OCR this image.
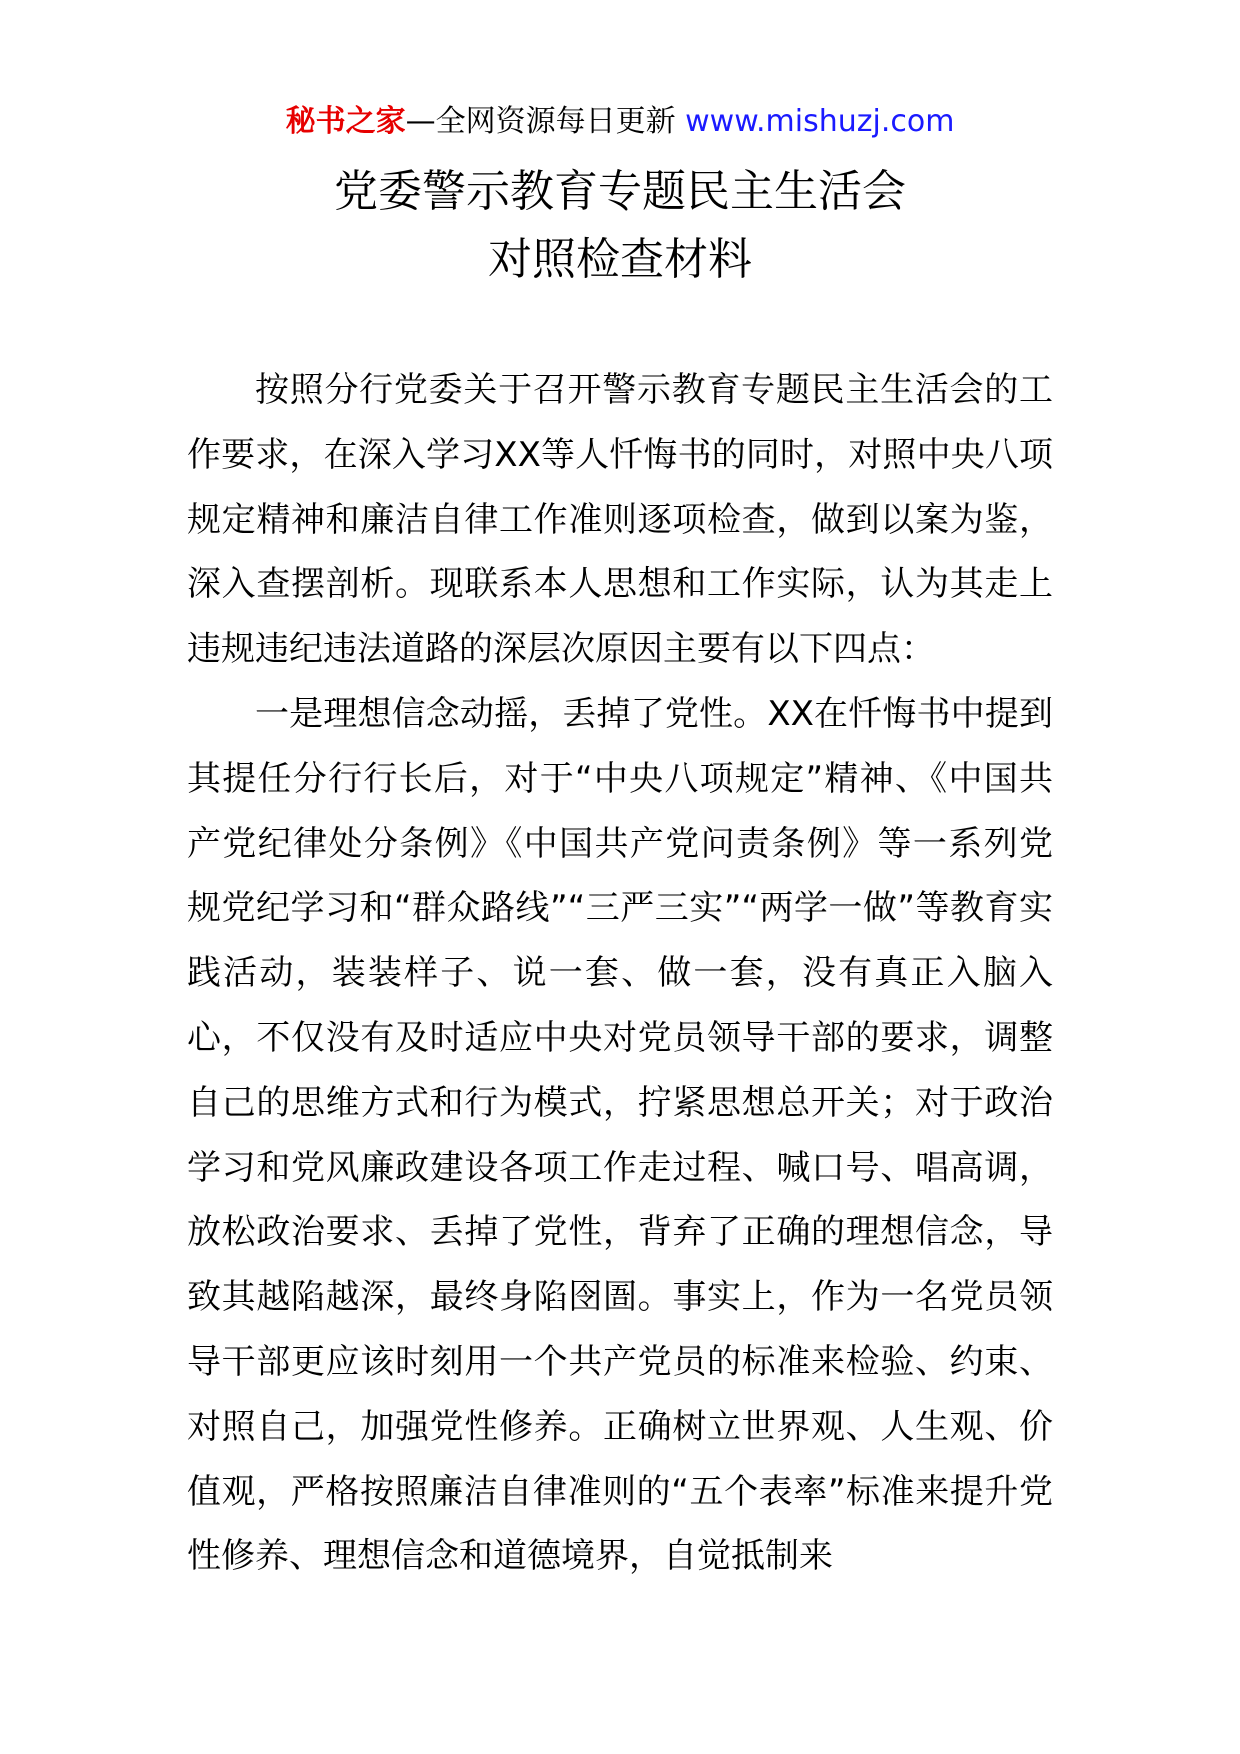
秘书之家—全网资源每日更新 www.mishuzj.com
党委警示教育专题民主生活会
对照检查材料

按照分行党委关于召开警示教育专题民主生活会的工作要求，在深入学习XX等人忏悔书的同时，对照中央八项规定精神和廉洁自律工作准则逐项检查，做到以案为鉴，深入查摆剖析。现联系本人思想和工作实际，认为其走上违规违纪违法道路的深层次原因主要有以下四点：

一是理想信念动摇，丢掉了党性。XX在忏悔书中提到其提任分行行长后，对于“中央八项规定”精神、《中国共产党纪律处分条例》《中国共产党问责条例》等一系列党规党纪学习和“群众路线”“三严三实”“两学一做”等教育实践活动，装装样子、说一套、做一套，没有真正入脑入心，不仅没有及时适应中央对党员领导干部的要求，调整自己的思维方式和行为模式，拧紧思想总开关；对于政治学习和党风廉政建设各项工作走过程、喊口号、唱高调，放松政治要求、丢掉了党性，背弃了正确的理想信念，导致其越陷越深，最终身陷囹圄。事实上，作为一名党员领导干部更应该时刻用一个共产党员的标准来检验、约束、对照自己，加强党性修养。正确树立世界观、人生观、价值观，严格按照廉洁自律准则的“五个表率”标准来提升党性修养、理想信念和道德境界，自觉抵制来
